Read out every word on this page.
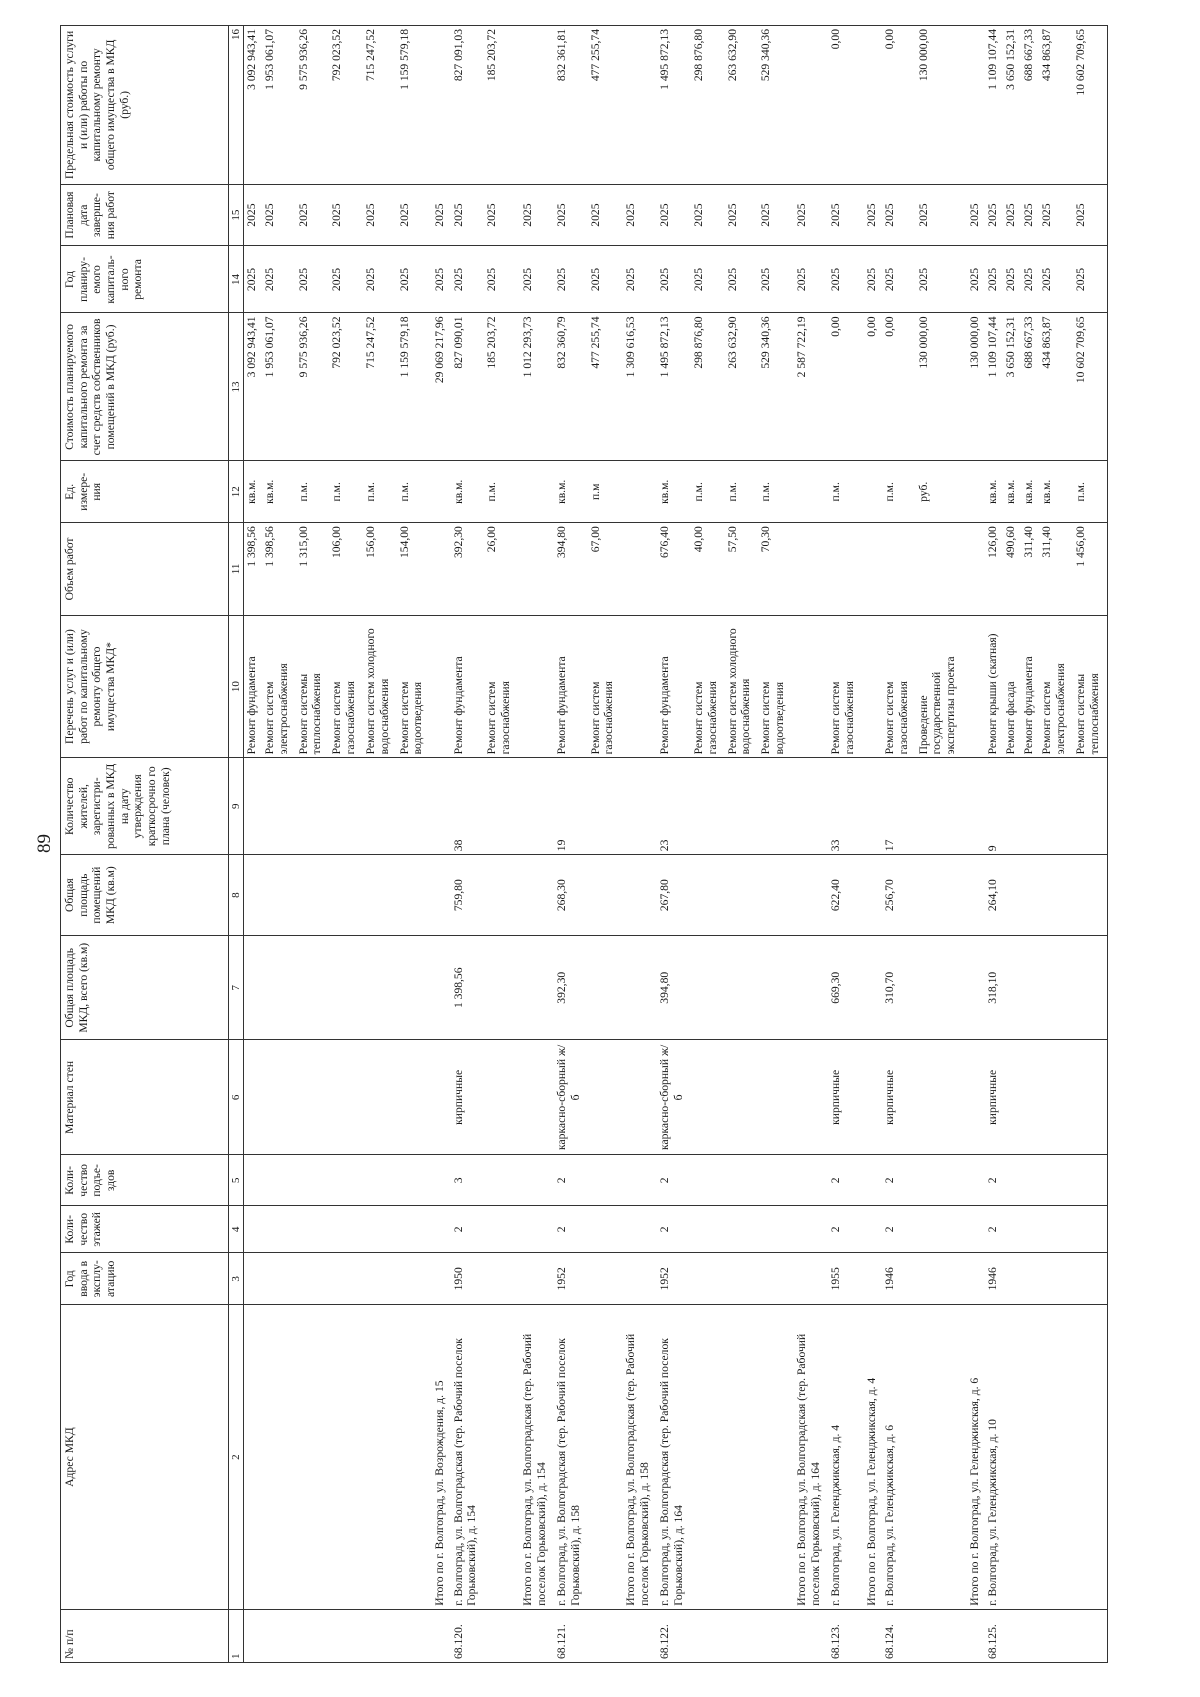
89
№ п/п	Адрес МКД	Год ввода в эксплу-атацию	Коли-чество этажей	Коли-чество подъе-здов	Материал стен	Общая площадь МКД, всего (кв.м)	Общая площадь помещений МКД (кв.м)	Количество жителей, зарегистри-рованных в МКД на дату утверждения краткосрочно го плана (человек)	Перечень услуг и (или) работ по капитальному ремонту общего имущества МКД*	Объем работ	Ед. измере-ния	Стоимость планируемого капитального ремонта за счет средств собственников помещений в МКД (руб.)	Год планиру-емого капиталь-ного ремонта	Плановая дата заверше-ния работ	Предельная стоимость услуги и (или) работы по капитальному ремонту общего имущества в МКД (руб.)
1	2	3	4	5	6	7	8	9	10	11	12	13	14	15	16
									Ремонт фундамента	1 398,56	кв.м.	3 092 943,41	2025	2025	3 092 943,41
									Ремонт систем электроснабжения	1 398,56	кв.м.	1 953 061,07	2025	2025	1 953 061,07
									Ремонт системы теплоснабжения	1 315,00	п.м.	9 575 936,26	2025	2025	9 575 936,26
									Ремонт систем газоснабжения	106,00	п.м.	792 023,52	2025	2025	792 023,52
									Ремонт систем холодного водоснабжения	156,00	п.м.	715 247,52	2025	2025	715 247,52
									Ремонт систем водоотведения	154,00	п.м.	1 159 579,18	2025	2025	1 159 579,18
	Итого по г. Волгоград, ул. Возрождения, д. 15											29 069 217,96	2025	2025	
68.120.	г. Волгоград, ул. Волгоградская (тер. Рабочий поселок Горьковский), д. 154	1950	2	3	кирпичные	1 398,56	759,80	38	Ремонт фундамента	392,30	кв.м.	827 090,01	2025	2025	827 091,03
									Ремонт систем газоснабжения	26,00	п.м.	185 203,72	2025	2025	185 203,72
	Итого по г. Волгоград, ул. Волгоградская (тер. Рабочий поселок Горьковский), д. 154											1 012 293,73	2025	2025	
68.121.	г. Волгоград, ул. Волгоградская (тер. Рабочий поселок Горьковский), д. 158	1952	2	2	каркасно-сборный ж/б	392,30	268,30	19	Ремонт фундамента	394,80	кв.м.	832 360,79	2025	2025	832 361,81
									Ремонт систем газоснабжения	67,00	п.м	477 255,74	2025	2025	477 255,74
	Итого по г. Волгоград, ул. Волгоградская (тер. Рабочий поселок Горьковский), д. 158											1 309 616,53	2025	2025	
68.122.	г. Волгоград, ул. Волгоградская (тер. Рабочий поселок Горьковский), д. 164	1952	2	2	каркасно-сборный ж/б	394,80	267,80	23	Ремонт фундамента	676,40	кв.м.	1 495 872,13	2025	2025	1 495 872,13
									Ремонт систем газоснабжения	40,00	п.м.	298 876,80	2025	2025	298 876,80
									Ремонт систем холодного водоснабжения	57,50	п.м.	263 632,90	2025	2025	263 632,90
									Ремонт систем водоотведения	70,30	п.м.	529 340,36	2025	2025	529 340,36
	Итого по г. Волгоград, ул. Волгоградская (тер. Рабочий поселок Горьковский), д. 164											2 587 722,19	2025	2025	
68.123.	г. Волгоград, ул. Геленджикская, д. 4	1955	2	2	кирпичные	669,30	622,40	33	Ремонт систем газоснабжения		п.м.	0,00	2025	2025	0,00
	Итого по г. Волгоград, ул. Геленджикская, д. 4											0,00	2025	2025	
68.124.	г. Волгоград, ул. Геленджикская, д. 6	1946	2	2	кирпичные	310,70	256,70	17	Ремонт систем газоснабжения		п.м.	0,00	2025	2025	0,00
									Проведение государственной экспертизы проекта		руб.	130 000,00	2025	2025	130 000,00
	Итого по г. Волгоград, ул. Геленджикская, д. 6											130 000,00	2025	2025	
68.125.	г. Волгоград, ул. Геленджикская, д. 10	1946	2	2	кирпичные	318,10	264,10	9	Ремонт крыши (скатная)	126,00	кв.м.	1 109 107,44	2025	2025	1 109 107,44
									Ремонт фасада	490,60	кв.м.	3 650 152,31	2025	2025	3 650 152,31
									Ремонт фундамента	311,40	кв.м.	688 667,33	2025	2025	688 667,33
									Ремонт систем электроснабжения	311,40	кв.м.	434 863,87	2025	2025	434 863,87
									Ремонт системы теплоснабжения	1 456,00	п.м.	10 602 709,65	2025	2025	10 602 709,65
